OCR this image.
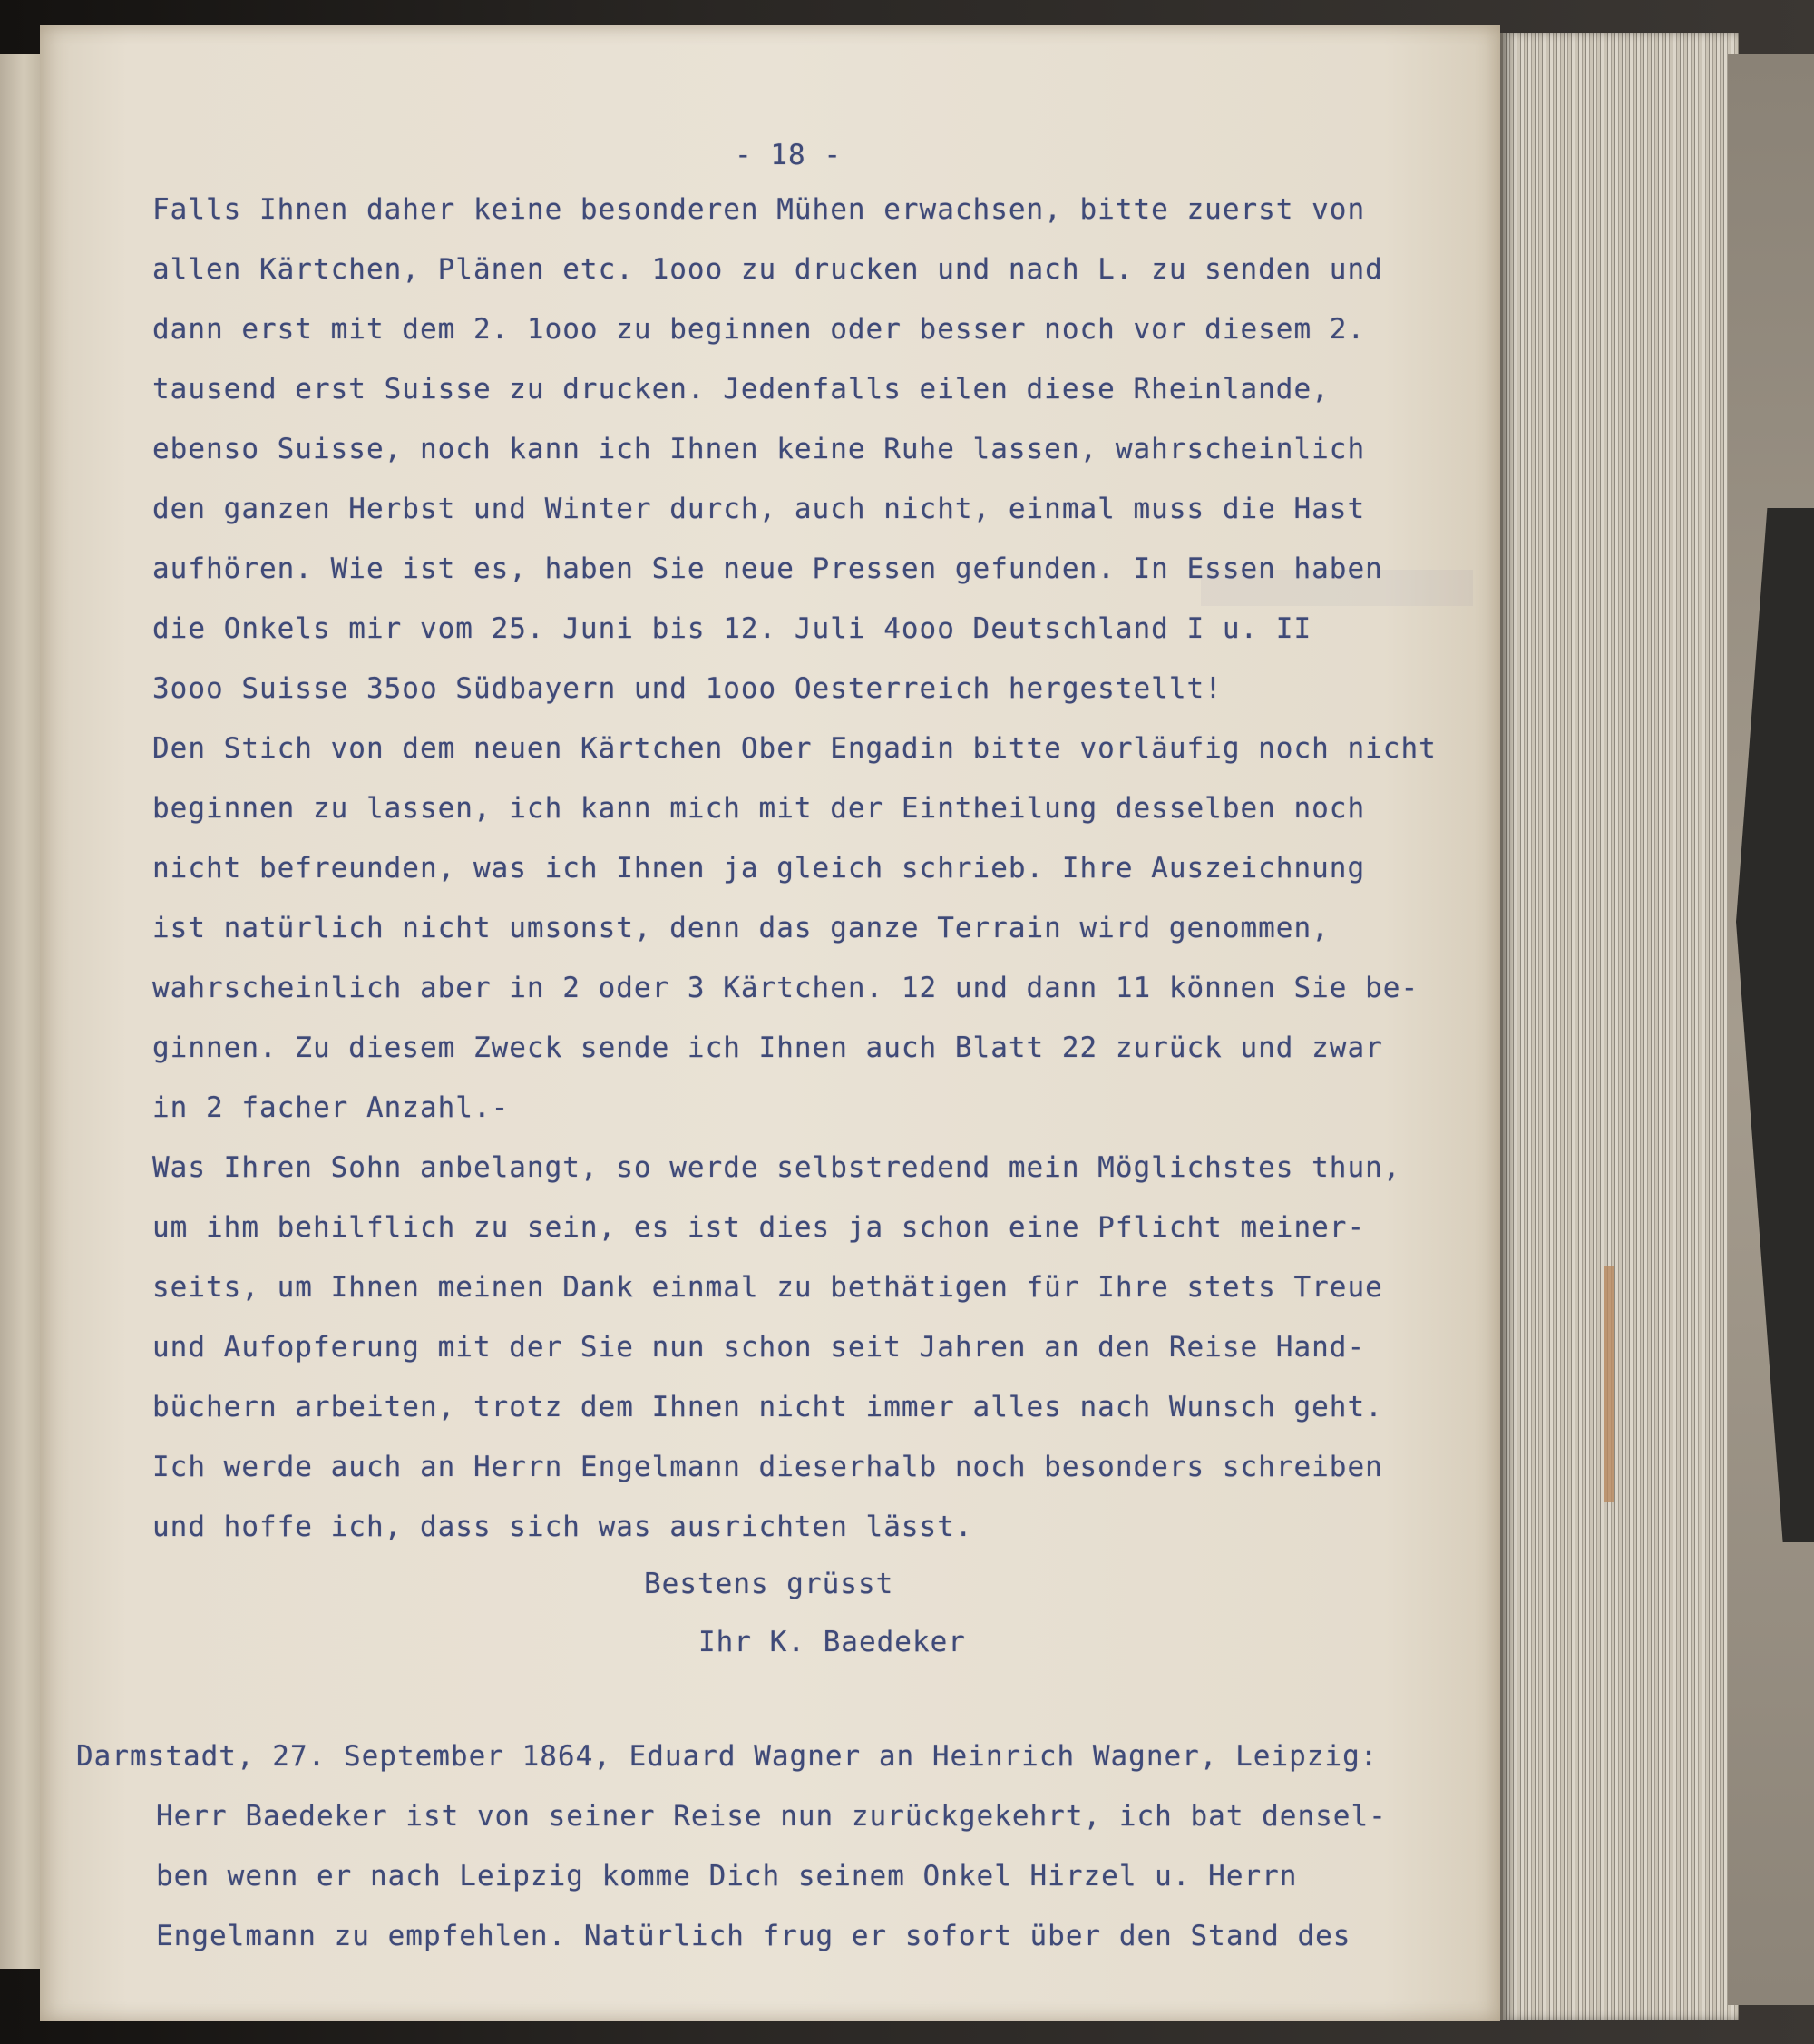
- 18 -
Falls Ihnen daher keine besonderen Mühen erwachsen, bitte zuerst von
allen Kärtchen, Plänen etc. 1ooo zu drucken und nach L. zu senden und
dann erst mit dem 2. 1ooo zu beginnen oder besser noch vor diesem 2.
tausend erst Suisse zu drucken. Jedenfalls eilen diese Rheinlande,
ebenso Suisse, noch kann ich Ihnen keine Ruhe lassen, wahrscheinlich
den ganzen Herbst und Winter durch, auch nicht, einmal muss die Hast
aufhören. Wie ist es, haben Sie neue Pressen gefunden. In Essen haben
die Onkels mir vom 25. Juni bis 12. Juli 4ooo Deutschland I u. II
3ooo Suisse 35oo Südbayern und 1ooo Oesterreich hergestellt!
Den Stich von dem neuen Kärtchen Ober Engadin bitte vorläufig noch nicht
beginnen zu lassen, ich kann mich mit der Eintheilung desselben noch
nicht befreunden, was ich Ihnen ja gleich schrieb. Ihre Auszeichnung
ist natürlich nicht umsonst, denn das ganze Terrain wird genommen,
wahrscheinlich aber in 2 oder 3 Kärtchen. 12 und dann 11 können Sie be-
ginnen. Zu diesem Zweck sende ich Ihnen auch Blatt 22 zurück und zwar
in 2 facher Anzahl.-
Was Ihren Sohn anbelangt, so werde selbstredend mein Möglichstes thun,
um ihm behilflich zu sein, es ist dies ja schon eine Pflicht meiner-
seits, um Ihnen meinen Dank einmal zu bethätigen für Ihre stets Treue
und Aufopferung mit der Sie nun schon seit Jahren an den Reise Hand-
büchern arbeiten, trotz dem Ihnen nicht immer alles nach Wunsch geht.
Ich werde auch an Herrn Engelmann dieserhalb noch besonders schreiben
und hoffe ich, dass sich was ausrichten lässt.
Bestens grüsst
Ihr K. Baedeker
Darmstadt, 27. September 1864, Eduard Wagner an Heinrich Wagner, Leipzig:
Herr Baedeker ist von seiner Reise nun zurückgekehrt, ich bat densel-
ben wenn er nach Leipzig komme Dich seinem Onkel Hirzel u. Herrn
Engelmann zu empfehlen. Natürlich frug er sofort über den Stand des
